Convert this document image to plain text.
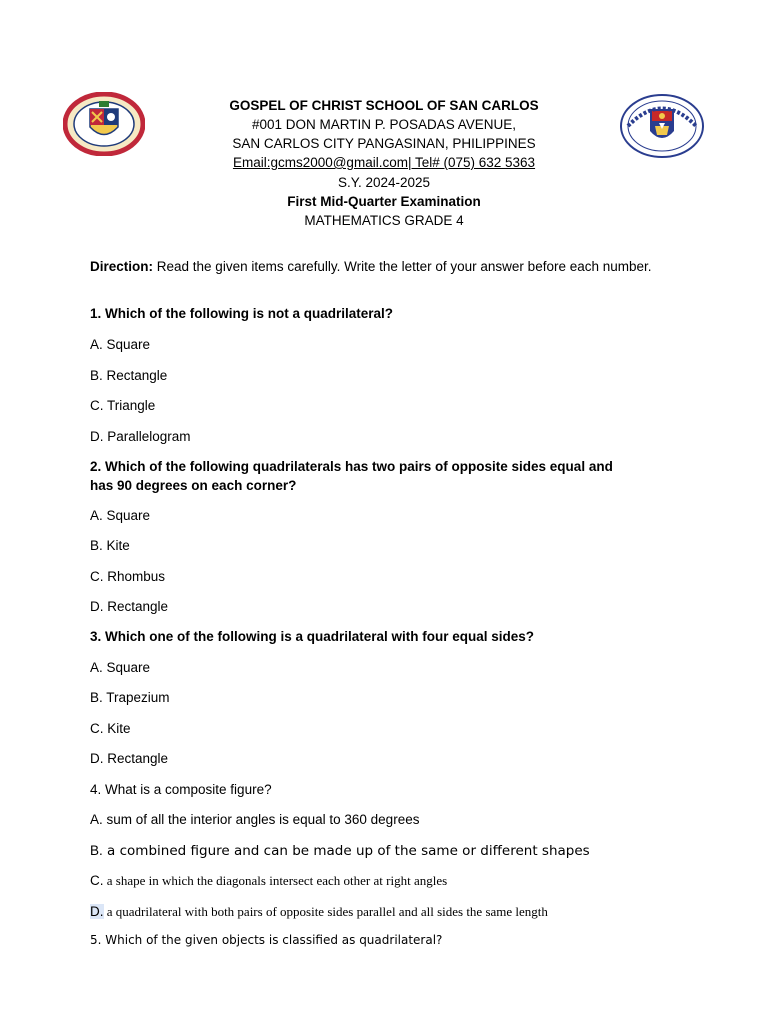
GOSPEL OF CHRIST SCHOOL OF SAN CARLOS
#001 DON MARTIN P. POSADAS AVENUE,
SAN CARLOS CITY PANGASINAN, PHILIPPINES
Email:gcms2000@gmail.com| Tel# (075) 632 5363
S.Y. 2024-2025
First Mid-Quarter Examination
MATHEMATICS GRADE 4
Direction: Read the given items carefully. Write the letter of your answer before each number.
1. Which of the following is not a quadrilateral?
A. Square
B. Rectangle
C. Triangle
D. Parallelogram
2. Which of the following quadrilaterals has two pairs of opposite sides equal and
has 90 degrees on each corner?
A. Square
B. Kite
C. Rhombus
D. Rectangle
3. Which one of the following is a quadrilateral with four equal sides?
A. Square
B. Trapezium
C. Kite
D. Rectangle
4. What is a composite figure?
A. sum of all the interior angles is equal to 360 degrees
B. a combined figure and can be made up of the same or different shapes
C. a shape in which the diagonals intersect each other at right angles
D. a quadrilateral with both pairs of opposite sides parallel and all sides the same length
5. Which of the given objects is classified as quadrilateral?
